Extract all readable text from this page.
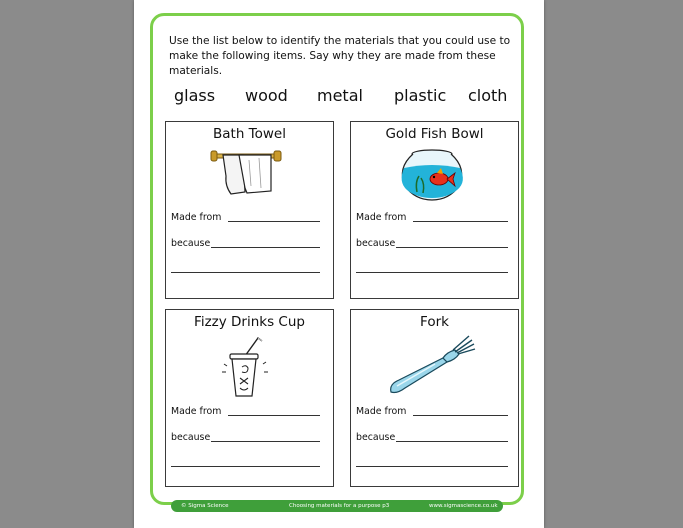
Use the list below to identify the materials that you could use to make the following items. Say why they are made from these materials.

glass wood metal plastic cloth
Bath Towel
Made from
because
Gold Fish Bowl
Made from
because
Fizzy Drinks Cup
Made from
because
Fork
Made from
because
© Sigma Science	Choosing materials for a purpose p3	www.sigmascience.co.uk
